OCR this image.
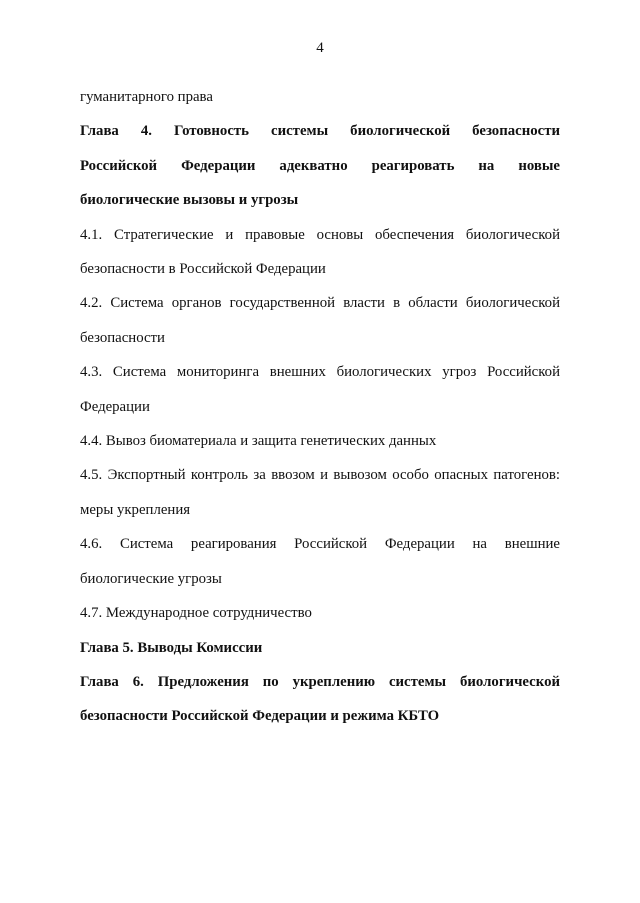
4
гуманитарного права
Глава 4. Готовность системы биологической безопасности
Российской Федерации адекватно реагировать на новые
биологические вызовы и угрозы
4.1. Стратегические и правовые основы обеспечения биологической
безопасности в Российской Федерации
4.2. Система органов государственной власти в области биологической
безопасности
4.3. Система мониторинга внешних биологических угроз Российской
Федерации
4.4. Вывоз биоматериала и защита генетических данных
4.5. Экспортный контроль за ввозом и вывозом особо опасных патогенов:
меры укрепления
4.6. Система реагирования Российской Федерации на внешние
биологические угрозы
4.7. Международное сотрудничество
Глава 5. Выводы Комиссии
Глава 6. Предложения по укреплению системы биологической
безопасности Российской Федерации и режима КБТО
